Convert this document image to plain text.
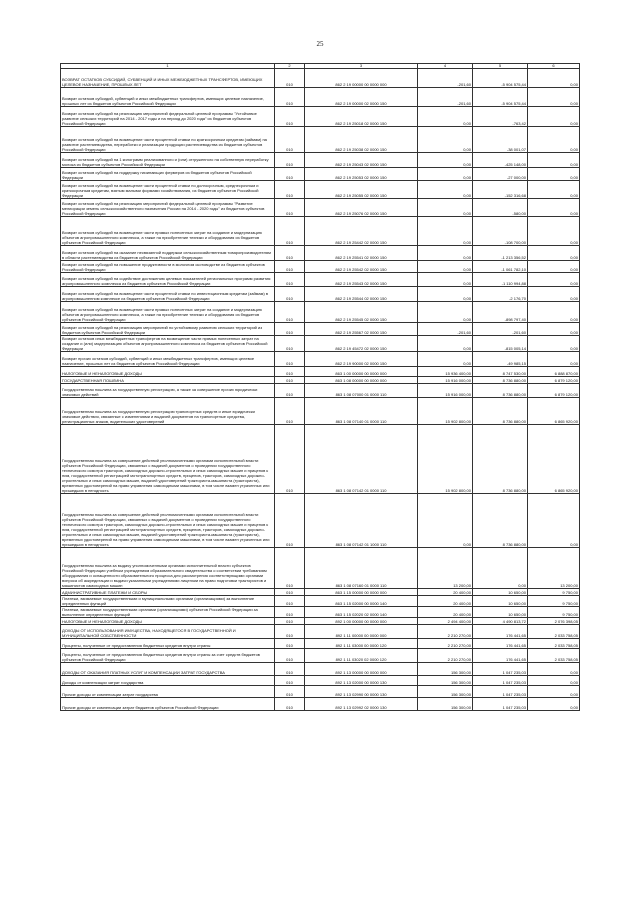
25
1	2	3	4	5	6
ВОЗВРАТ ОСТАТКОВ СУБСИДИЙ, СУБВЕНЦИЙ И ИНЫХ МЕЖБЮДЖЕТНЫХ ТРАНСФЕРТОВ, ИМЕЮЩИХ ЦЕЛЕВОЕ НАЗНАЧЕНИЕ, ПРОШЛЫХ ЛЕТ	010	862 2 19 00000 00 0000 000	-201,60	-5 904 575,44	0,00
Возврат остатков субсидий, субвенций и иных межбюджетных трансфертов, имеющих целевое назначение, прошлых лет из бюджетов субъектов Российской Федерации	010	862 2 19 00000 02 0000 150	-201,60	-5 904 575,44	0,00
Возврат остатков субсидий на реализацию мероприятий федеральной целевой программы "Устойчивое развитие сельских территорий на 2014 - 2017 годы и на период до 2020 года" из бюджетов субъектов Российской Федерации	010	862 2 19 25018 02 0000 150	0,00	-763,42	0,00
Возврат остатков субсидий на возмещение части процентной ставки по краткосрочным кредитам (займам) на развитие растениеводства, переработки и реализации продукции растениеводства из бюджетов субъектов Российской Федерации	010	862 2 19 25038 02 0000 150	0,00	-38 001,07	0,00
Возврат остатков субсидий на 1 килограмм реализованного и (или) отгруженного на собственную переработку молока из бюджетов субъектов Российской Федерации	010	862 2 19 25043 02 0000 150	0,00	-425 148,00	0,00
Возврат остатков субсидий на поддержку начинающих фермеров из бюджетов субъектов Российской Федерации	010	862 2 19 25053 02 0000 150	0,00	-27 000,00	0,00
Возврат остатков субсидий на возмещение части процентной ставки по долгосрочным, среднесрочным и краткосрочным кредитам, взятым малыми формами хозяйствования, из бюджетов субъектов Российской Федерации	010	862 2 19 25055 02 0000 150	0,00	-152 316,68	0,00
Возврат остатков субсидий на реализацию мероприятий федеральной целевой программы "Развитие мелиорации земель сельскохозяйственного назначения России на 2014 - 2020 годы" из бюджетов субъектов Российской Федерации	010	862 2 19 25076 02 0000 150	0,00	-580,00	0,00
Возврат остатков субсидий на возмещение части прямых понесенных затрат на создание и модернизацию объектов агропромышленного комплекса, а также на приобретение техники и оборудования из бюджетов субъектов Российской Федерации	010	862 2 19 25442 02 0000 150	0,00	-108 700,00	0,00
Возврат остатков субсидий на оказание несвязанной поддержки сельскохозяйственным товаропроизводителям в области растениеводства из бюджетов субъектов Российской Федерации	010	862 2 19 25541 02 0000 150	0,00	-1 213 356,52	0,00
Возврат остатков субсидий на повышение продуктивности в молочном скотоводстве из бюджетов субъектов Российской Федерации	010	862 2 19 25542 02 0000 150	0,00	-1 061 782,10	0,00
Возврат остатков субсидий на содействие достижению целевых показателей региональных программ развития агропромышленного комплекса из бюджетов субъектов Российской Федерации	010	862 2 19 25543 02 0000 150	0,00	-1 110 994,88	0,00
Возврат остатков субсидий на возмещение части процентной ставки по инвестиционным кредитам (займам) в агропромышленном комплексе из бюджетов субъектов Российской Федерации	010	862 2 19 25544 02 0000 150	0,00	-2 176,70	0,00
Возврат остатков субсидий на возмещение части прямых понесенных затрат на создание и модернизацию объектов агропромышленного комплекса, а также на приобретение техники и оборудования из бюджетов субъектов Российской Федерации	010	862 2 19 25545 02 0000 150	0,00	-898 797,40	0,00
Возврат остатков субсидий на реализацию мероприятий по устойчивому развитию сельских территорий из бюджетов субъектов Российской Федерации	010	862 2 19 25567 02 0000 150	-201,60	-201,60	0,00
Возврат остатков иных межбюджетных трансфертов на возмещение части прямых понесенных затрат на создание и (или) модернизацию объектов агропромышленного комплекса из бюджетов субъектов Российской Федерации	010	862 2 19 45472 02 0000 150	0,00	-815 005,14	0,00
Возврат прочих остатков субсидий, субвенций и иных межбюджетных трансфертов, имеющих целевое назначение, прошлых лет из бюджетов субъектов Российской Федерации	010	862 2 19 90000 02 0000 150	0,00	-49 985,15	0,00
НАЛОГОВЫЕ И НЕНАЛОГОВЫЕ ДОХОДЫ	010	863 1 00 00000 00 0000 000	15 936 400,00	8 747 530,00	6 888 870,00
ГОСУДАРСТВЕННАЯ ПОШЛИНА	010	863 1 08 00000 00 0000 000	15 916 000,00	8 736 880,00	6 879 120,00
Государственная пошлина за государственную регистрацию, а также за совершение прочих юридически значимых действий	010	863 1 08 07000 01 0000 110	15 916 000,00	8 736 880,00	6 879 120,00
Государственная пошлина за государственную регистрацию транспортных средств и иные юридически значимые действия, связанные с изменениями и выдачей документов на транспортные средства, регистрационных знаков, водительских удостоверений	010	863 1 08 07140 01 0000 110	15 902 800,00	8 736 880,00	6 865 920,00
Государственная пошлина за совершение действий уполномоченными органами исполнительной власти субъектов Российской Федерации, связанных с выдачей документов о проведении государственного технического осмотра тракторов, самоходных дорожно-строительных и иных самоходных машин и прицепов к ним, государственной регистрацией мототранспортных средств, прицепов, тракторов, самоходных дорожно-строительных и иных самоходных машин, выдачей удостоверений тракториста-машиниста (тракториста), временных удостоверений на право управления самоходными машинами, в том числе взамен утраченных или пришедших в негодность	010	863 1 08 07142 01 0000 110	15 902 800,00	8 736 880,00	6 865 920,00
Государственная пошлина за совершение действий уполномоченными органами исполнительной власти субъектов Российской Федерации, связанных с выдачей документов о проведении государственного технического осмотра тракторов, самоходных дорожно-строительных и иных самоходных машин и прицепов к ним, государственной регистрацией мототранспортных средств, прицепов, тракторов, самоходных дорожно-строительных и иных самоходных машин, выдачей удостоверений тракториста-машиниста (тракториста), временных удостоверений на право управления самоходными машинами, в том числе взамен утраченных или пришедших в негодность	010	863 1 08 07142 01 1000 110	0,00	8 736 880,00	0,00
Государственная пошлина за выдачу уполномоченными органами исполнительной власти субъектов Российской Федерации учебным учреждениям образовательного свидетельства о соответствии требованиям оборудования и оснащенности образовательного процесса для рассмотрения соответствующими органами вопроса об аккредитации и выдачи указанными учреждениями лицензии на право подготовки трактористов и машинистов самоходных машин	010	863 1 08 07160 01 0000 110	13 200,00	0,00	13 200,00
АДМИНИСТРАТИВНЫЕ ПЛАТЕЖИ И СБОРЫ	010	863 1 15 00000 00 0000 000	20 400,00	10 650,00	9 750,00
Платежи, взимаемые государственными и муниципальными органами (организациями) за выполнение определенных функций	010	863 1 15 02000 00 0000 140	20 400,00	10 650,00	9 750,00
Платежи, взимаемые государственными органами (организациями) субъектов Российской Федерации за выполнение определенных функций	010	863 1 15 02020 02 0000 140	20 400,00	10 650,00	9 750,00
НАЛОГОВЫЕ И НЕНАЛОГОВЫЕ ДОХОДЫ	010	892 1 00 00000 00 0000 000	2 494 400,00	4 490 813,72	2 076 398,05
ДОХОДЫ ОТ ИСПОЛЬЗОВАНИЯ ИМУЩЕСТВА, НАХОДЯЩЕГОСЯ В ГОСУДАРСТВЕННОЙ И МУНИЦИПАЛЬНОЙ СОБСТВЕННОСТИ	010	892 1 11 00000 00 0000 000	2 210 270,00	176 441,65	2 033 758,05
Проценты, полученные от предоставления бюджетных кредитов внутри страны	010	892 1 11 03000 00 0000 120	2 210 270,00	176 441,65	2 033 758,05
Проценты, полученные от предоставления бюджетных кредитов внутри страны за счет средств бюджетов субъектов Российской Федерации	010	892 1 11 03020 02 0000 120	2 210 270,00	176 441,65	2 033 758,05
ДОХОДЫ ОТ ОКАЗАНИЯ ПЛАТНЫХ УСЛУГ И КОМПЕНСАЦИИ ЗАТРАТ ГОСУДАРСТВА	010	892 1 13 00000 00 0000 000	156 300,00	1 047 235,03	0,00
Доходы от компенсации затрат государства	010	892 1 13 02000 00 0000 130	156 300,00	1 047 235,03	0,00
Прочие доходы от компенсации затрат государства	010	892 1 13 02990 00 0000 130	156 300,00	1 047 235,03	0,00
Прочие доходы от компенсации затрат бюджетов субъектов Российской Федерации	010	892 1 13 02992 02 0000 130	156 300,00	1 047 235,03	0,00
